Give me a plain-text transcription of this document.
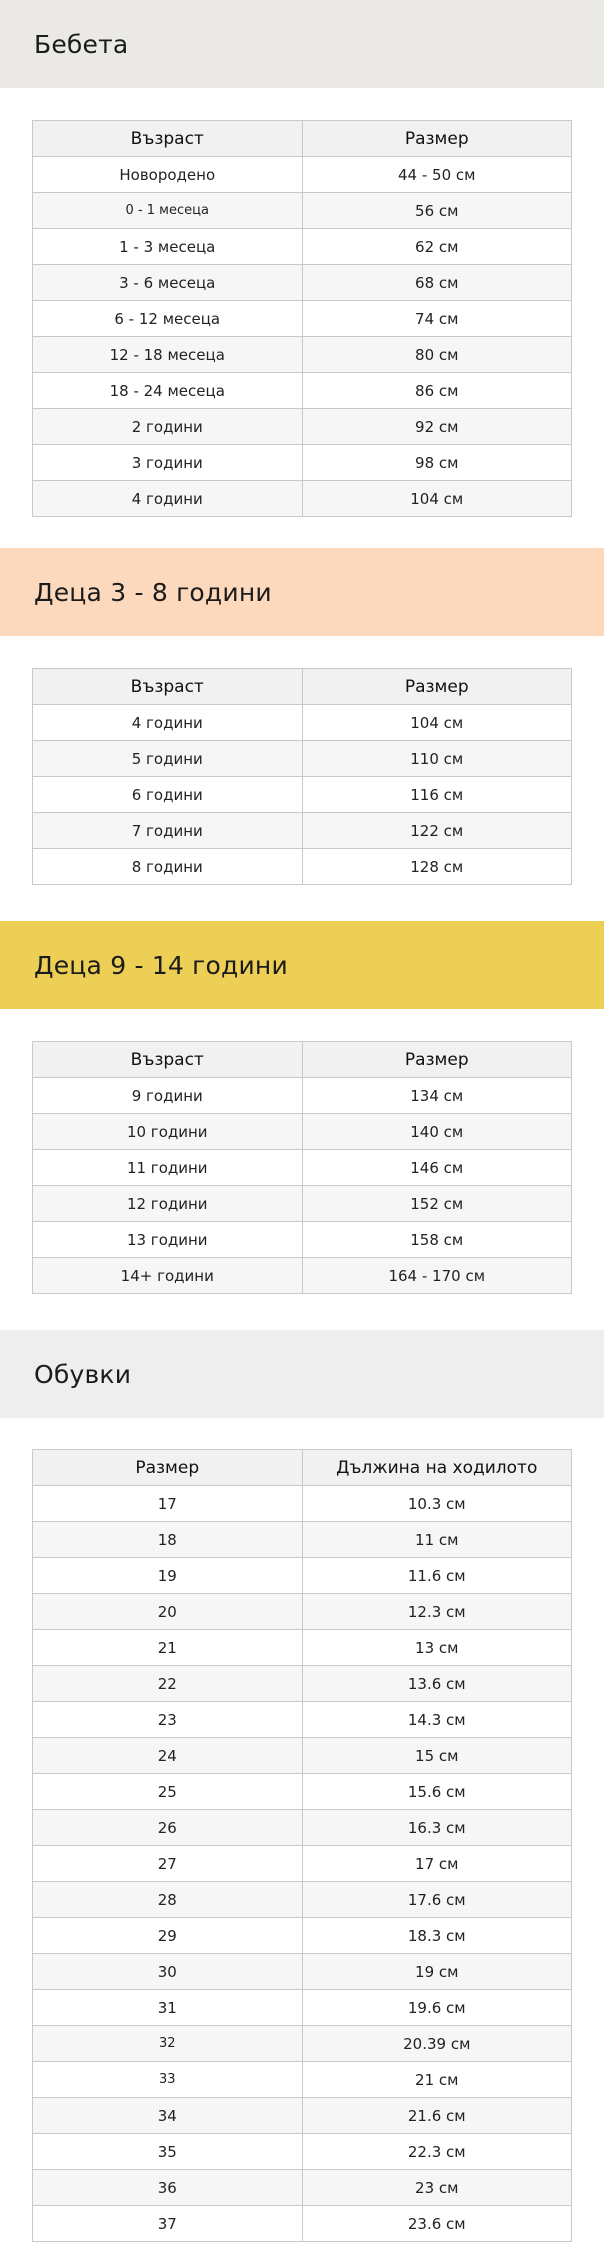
Бебета
Възраст	Размер
Новородено	44 - 50 см
0 - 1 месеца	56 см
1 - 3 месеца	62 см
3 - 6 месеца	68 см
6 - 12 месеца	74 см
12 - 18 месеца	80 см
18 - 24 месеца	86 см
2 години	92 см
3 години	98 см
4 години	104 см
Деца 3 - 8 години
Възраст	Размер
4 години	104 см
5 години	110 см
6 години	116 см
7 години	122 см
8 години	128 см
Деца 9 - 14 години
Възраст	Размер
9 години	134 см
10 години	140 см
11 години	146 см
12 години	152 см
13 години	158 см
14+ години	164 - 170 см
Обувки
Размер	Дължина на ходилото
17	10.3 см
18	11 см
19	11.6 см
20	12.3 см
21	13 см
22	13.6 см
23	14.3 см
24	15 см
25	15.6 см
26	16.3 см
27	17 см
28	17.6 см
29	18.3 см
30	19 см
31	19.6 см
32	20.39 см
33	21 см
34	21.6 см
35	22.3 см
36	23 см
37	23.6 см
